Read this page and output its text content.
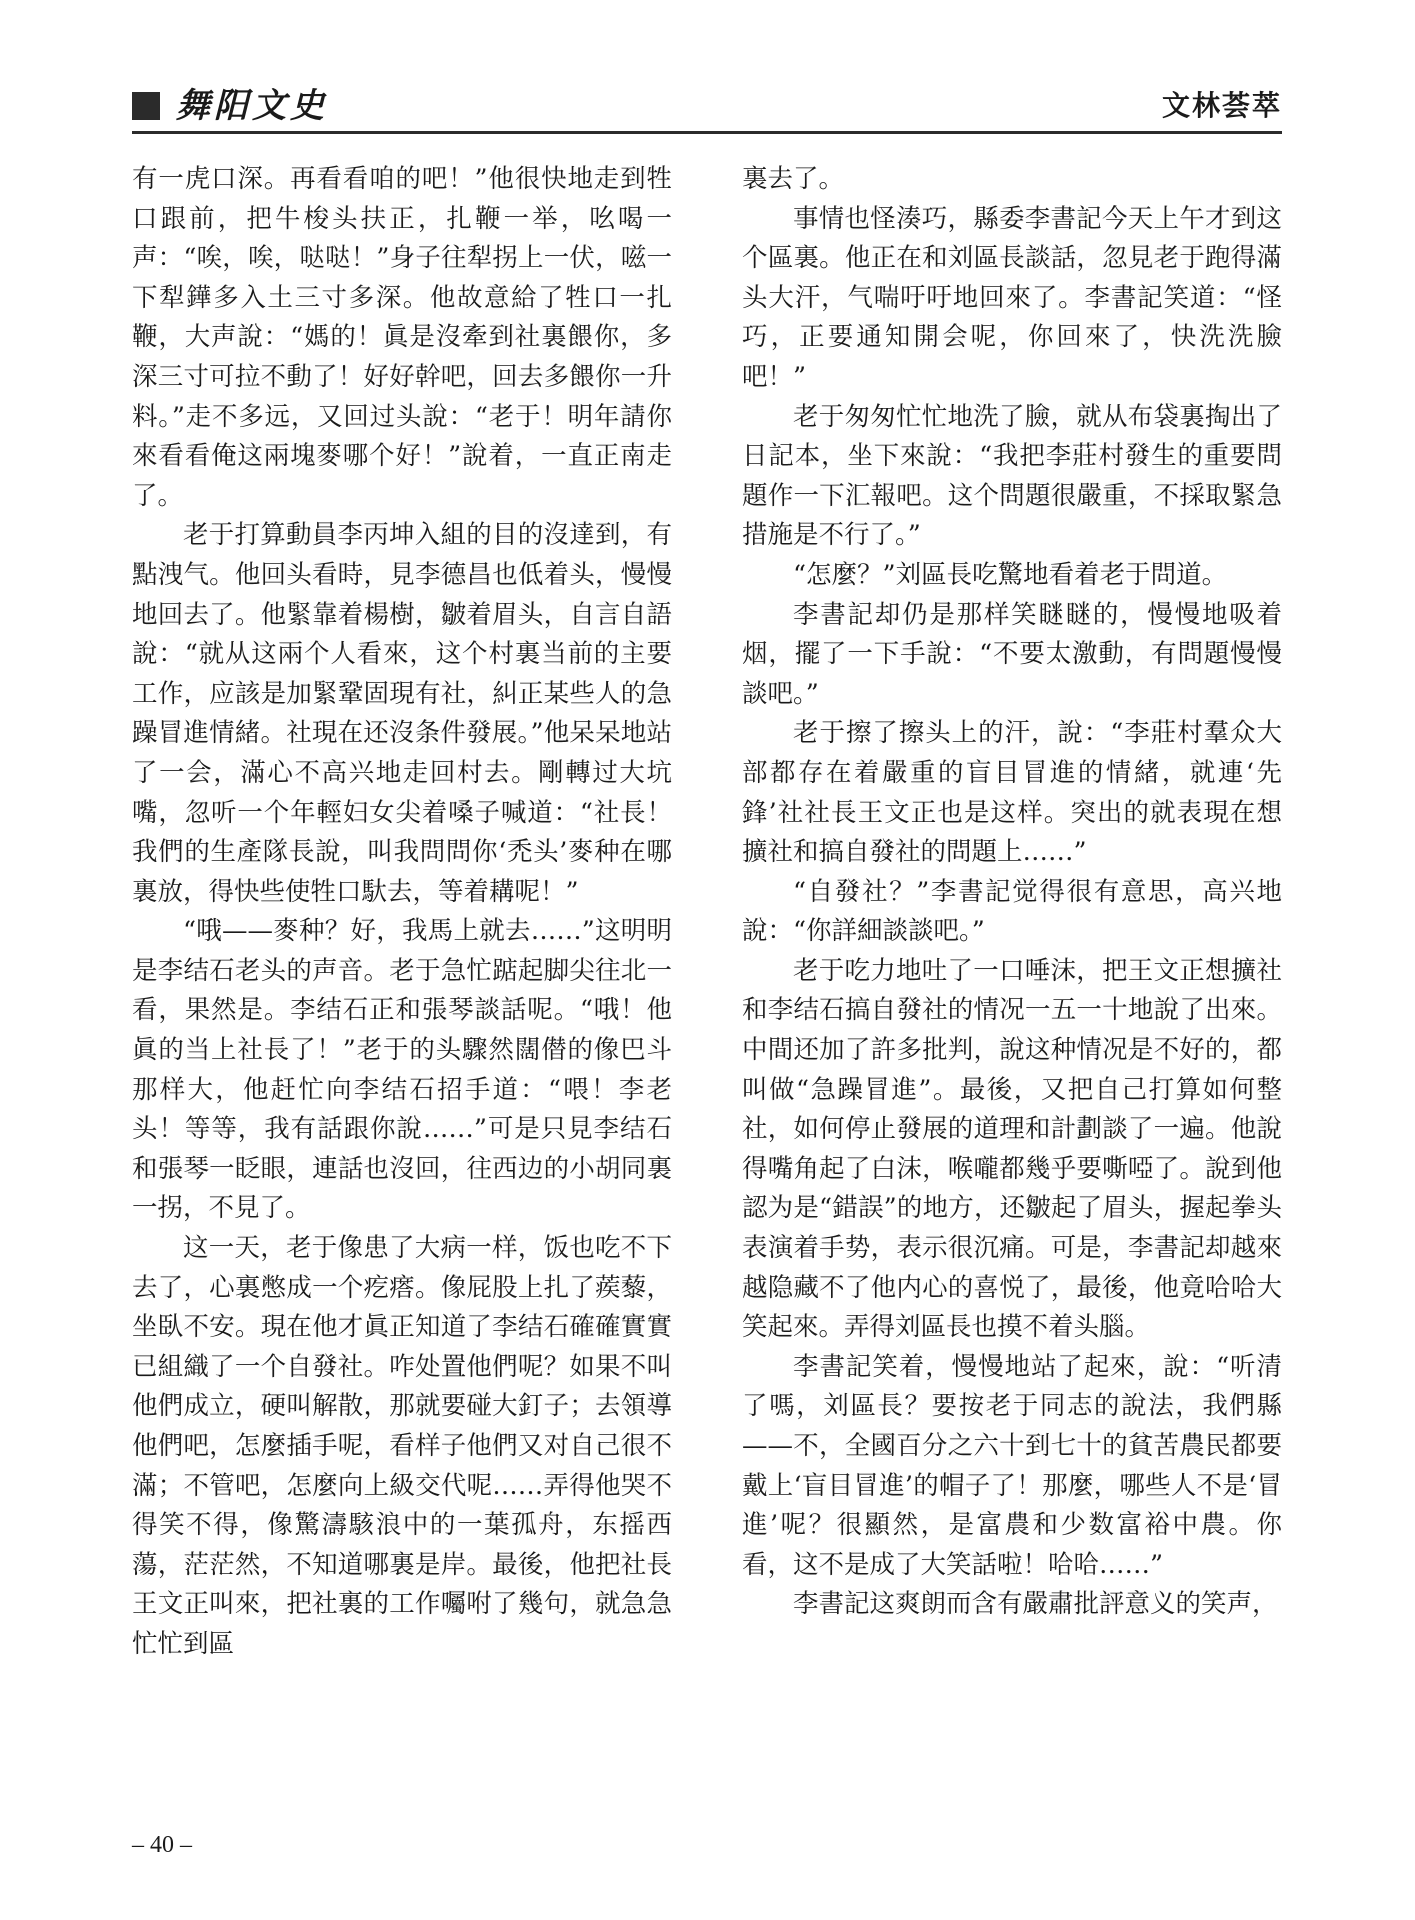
舞阳文史	文林荟萃

有一虎口深。再看看咱的吧！”他很快地走到牲口跟前，把牛梭头扶正，扎鞭一举，吆喝一声：“唉，唉，哒哒！”身子往犁拐上一伏，嗞一下犁鏵多入土三寸多深。他故意給了牲口一扎鞭，大声說：“媽的！眞是沒牽到社裏餵你，多深三寸可拉不動了！好好幹吧，回去多餵你一升料。”走不多远，又回过头說：“老于！明年請你來看看俺这兩塊麥哪个好！”說着，一直正南走了。

老于打算動員李丙坤入組的目的沒達到，有點洩气。他回头看時，見李德昌也低着头，慢慢地回去了。他緊靠着楊樹，皺着眉头，自言自語說：“就从这兩个人看來，这个村裏当前的主要工作，应該是加緊鞏固現有社，糾正某些人的急躁冒進情緒。社現在还沒条件發展。”他呆呆地站了一会，滿心不高兴地走回村去。剛轉过大坑嘴，忽听一个年輕妇女尖着嗓子喊道：“社長！我們的生產隊長說，叫我問問你‘禿头’麥种在哪裏放，得快些使牲口馱去，等着耩呢！”

“哦——麥种？好，我馬上就去……”这明明是李结石老头的声音。老于急忙踮起脚尖往北一看，果然是。李结石正和張琴談話呢。“哦！他眞的当上社長了！”老于的头驟然闊僣的像巴斗那样大，他赶忙向李结石招手道：“喂！李老头！等等，我有話跟你說……”可是只見李结石和張琴一眨眼，連話也沒回，往西边的小胡同裏一拐，不見了。

这一天，老于像患了大病一样，饭也吃不下去了，心裏憋成一个疙瘩。像屁股上扎了蒺藜，坐臥不安。現在他才眞正知道了李结石確確實實已組織了一个自發社。咋处置他們呢？如果不叫他們成立，硬叫解散，那就要碰大釘子；去領導他們吧，怎麼插手呢，看样子他們又对自己很不滿；不管吧，怎麼向上級交代呢……弄得他哭不得笑不得，像驚濤駭浪中的一葉孤舟，东摇西蕩，茫茫然，不知道哪裏是岸。最後，他把社長王文正叫來，把社裏的工作囑咐了幾句，就急急忙忙到區

裏去了。

事情也怪湊巧，縣委李書記今天上午才到这个區裏。他正在和刘區長談話，忽見老于跑得滿头大汗，气喘吁吁地回來了。李書記笑道：“怪巧，正要通知開会呢，你回來了，快洗洗臉吧！”

老于匆匆忙忙地洗了臉，就从布袋裏掏出了日記本，坐下來說：“我把李莊村發生的重要問題作一下汇報吧。这个問題很嚴重，不採取緊急措施是不行了。”

“怎麼？”刘區長吃驚地看着老于問道。

李書記却仍是那样笑瞇瞇的，慢慢地吸着烟，擺了一下手說：“不要太激動，有問題慢慢談吧。”

老于擦了擦头上的汗，說：“李莊村羣众大部都存在着嚴重的盲目冒進的情緒，就連‘先鋒’社社長王文正也是这样。突出的就表現在想擴社和搞自發社的問題上……”

“自發社？”李書記觉得很有意思，高兴地說：“你詳細談談吧。”

老于吃力地吐了一口唾沫，把王文正想擴社和李结石搞自發社的情况一五一十地說了出來。中間还加了許多批判，說这种情况是不好的，都叫做“急躁冒進”。最後，又把自己打算如何整社，如何停止發展的道理和計劃談了一遍。他說得嘴角起了白沫，喉嚨都幾乎要嘶啞了。說到他認为是“錯誤”的地方，还皺起了眉头，握起拳头表演着手势，表示很沉痛。可是，李書記却越來越隐藏不了他内心的喜悦了，最後，他竟哈哈大笑起來。弄得刘區長也摸不着头腦。

李書記笑着，慢慢地站了起來，說：“听清了嗎，刘區長？要按老于同志的說法，我們縣——不，全國百分之六十到七十的貧苦農民都要戴上‘盲目冒進’的帽子了！那麼，哪些人不是‘冒進’呢？很顯然，是富農和少数富裕中農。你看，这不是成了大笑話啦！哈哈……”

李書記这爽朗而含有嚴肅批評意义的笑声，

– 40 –
